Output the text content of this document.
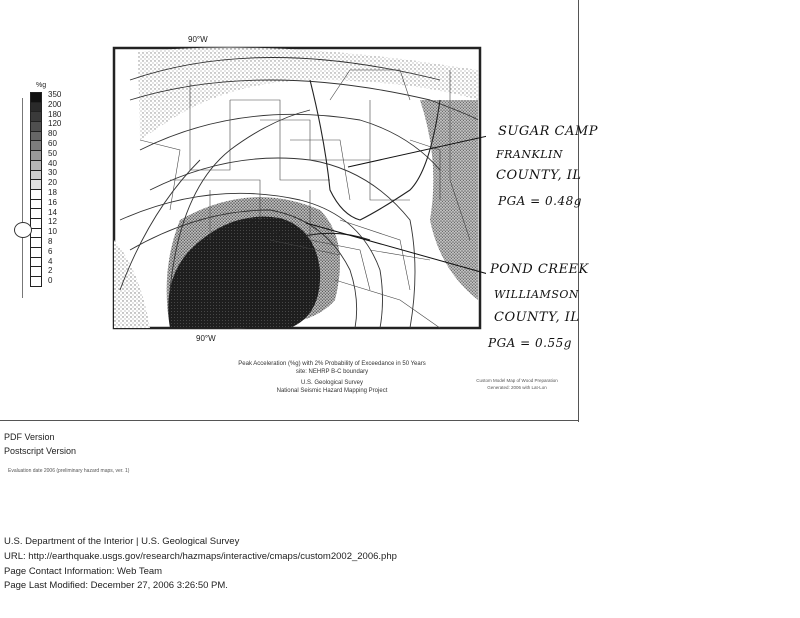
%g
350
200
180
120
80
60
50
40
30
20
18
16
14
12
10
8
6
4
2
0
90°W
90°W
Peak Acceleration (%g) with 2% Probability of Exceedance in 50 Years
site: NEHRP B-C boundary
U.S. Geological Survey
National Seismic Hazard Mapping Project
Custom Model Map of Wood Preparation
Generated: 2006 with Lat-Lon
SUGAR CAMP
FRANKLIN
COUNTY, IL
PGA = 0.48g
POND CREEK
WILLIAMSON
COUNTY, IL
PGA = 0.55g
PDF Version
Postscript Version
Evaluation date 2006 (preliminary hazard maps, ver. 1)
U.S. Department of the Interior | U.S. Geological Survey
URL: http://earthquake.usgs.gov/research/hazmaps/interactive/cmaps/custom2002_2006.php
Page Contact Information: Web Team
Page Last Modified: December 27, 2006 3:26:50 PM.
